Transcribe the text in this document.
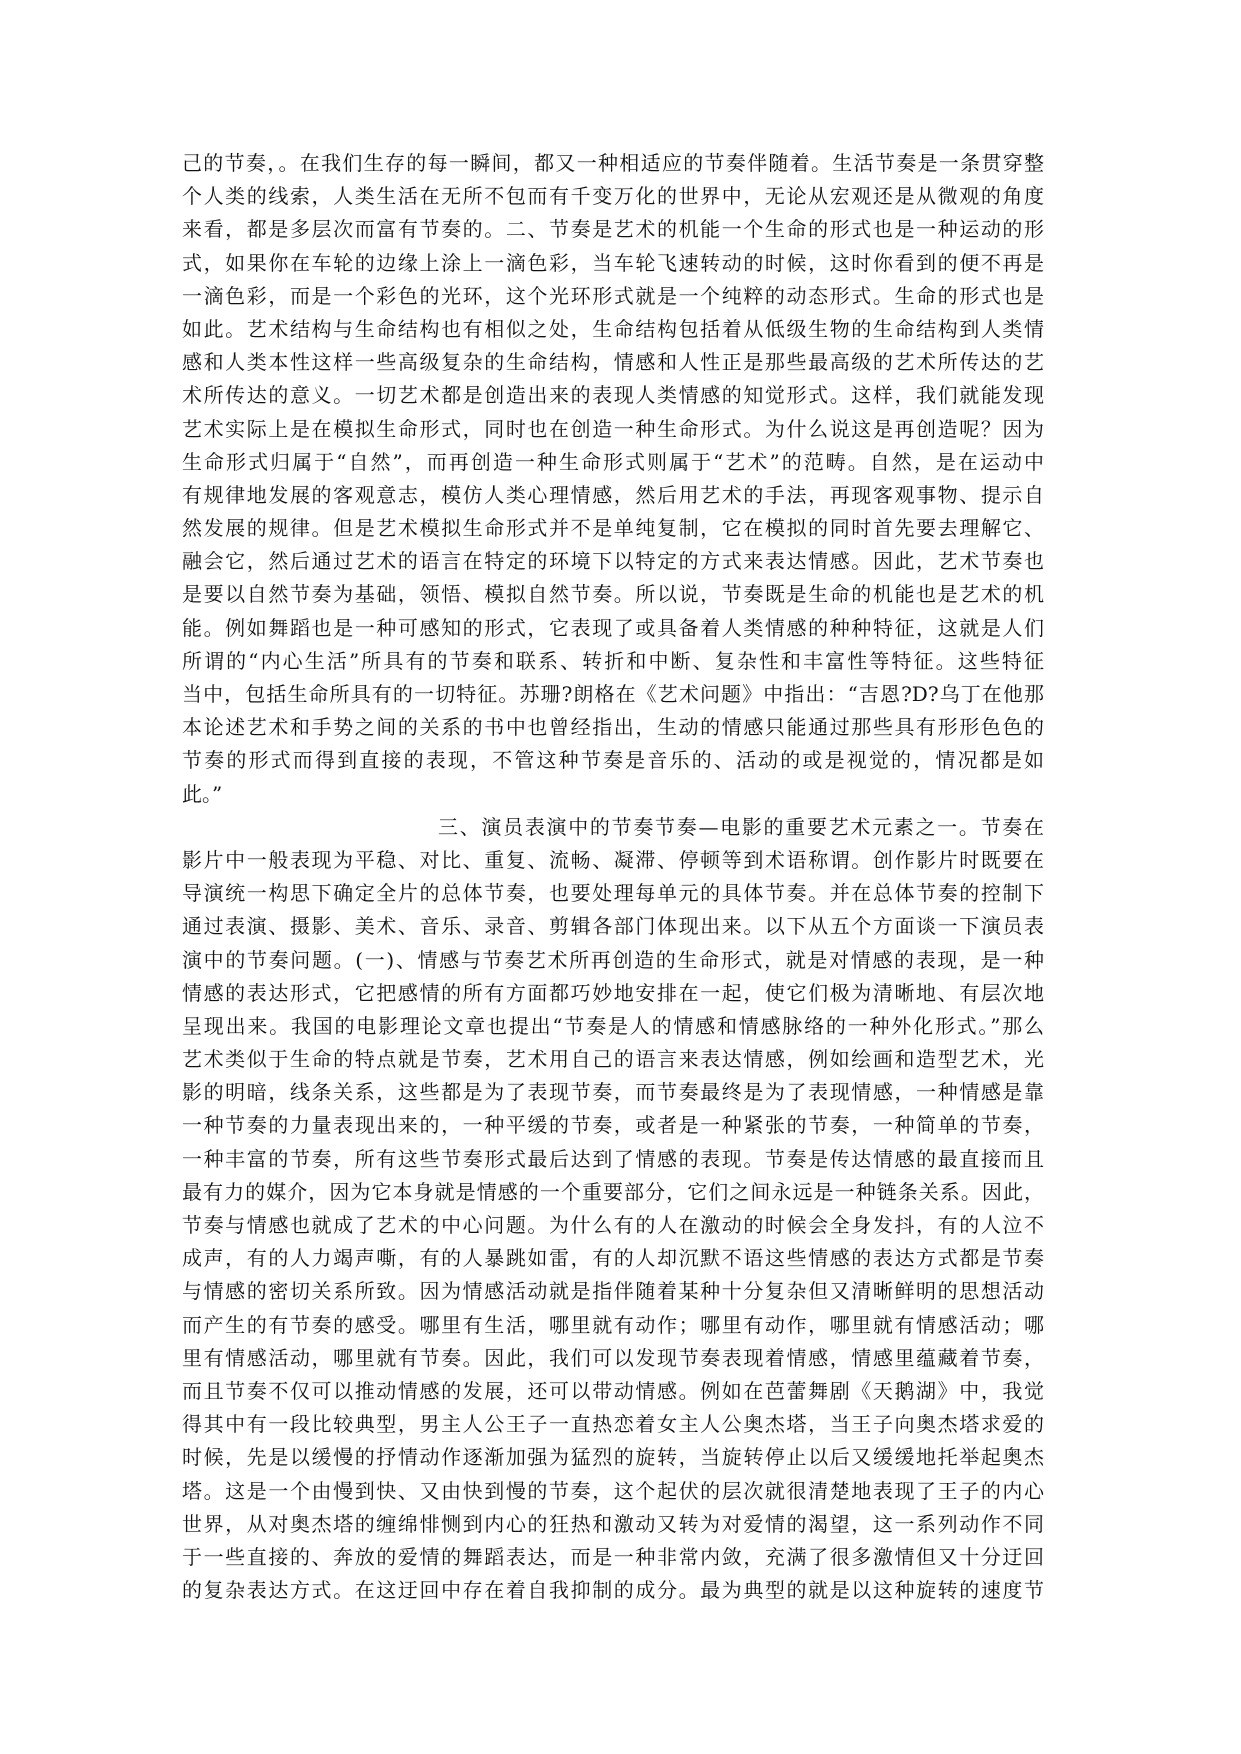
己的节奏，。在我们生存的每一瞬间，都又一种相适应的节奏伴随着。生活节奏是一条贯穿整
个人类的线索，人类生活在无所不包而有千变万化的世界中，无论从宏观还是从微观的角度
来看，都是多层次而富有节奏的。二、节奏是艺术的机能一个生命的形式也是一种运动的形
式，如果你在车轮的边缘上涂上一滴色彩，当车轮飞速转动的时候，这时你看到的便不再是
一滴色彩，而是一个彩色的光环，这个光环形式就是一个纯粹的动态形式。生命的形式也是
如此。艺术结构与生命结构也有相似之处，生命结构包括着从低级生物的生命结构到人类情
感和人类本性这样一些高级复杂的生命结构，情感和人性正是那些最高级的艺术所传达的艺
术所传达的意义。一切艺术都是创造出来的表现人类情感的知觉形式。这样，我们就能发现
艺术实际上是在模拟生命形式，同时也在创造一种生命形式。为什么说这是再创造呢？因为
生命形式归属于“自然”，而再创造一种生命形式则属于“艺术”的范畴。自然，是在运动中
有规律地发展的客观意志，模仿人类心理情感，然后用艺术的手法，再现客观事物、提示自
然发展的规律。但是艺术模拟生命形式并不是单纯复制，它在模拟的同时首先要去理解它、
融会它，然后通过艺术的语言在特定的环境下以特定的方式来表达情感。因此，艺术节奏也
是要以自然节奏为基础，领悟、模拟自然节奏。所以说，节奏既是生命的机能也是艺术的机
能。例如舞蹈也是一种可感知的形式，它表现了或具备着人类情感的种种特征，这就是人们
所谓的“内心生活”所具有的节奏和联系、转折和中断、复杂性和丰富性等特征。这些特征
当中，包括生命所具有的一切特征。苏珊?朗格在《艺术问题》中指出：“吉恩?D?乌丁在他那
本论述艺术和手势之间的关系的书中也曾经指出，生动的情感只能通过那些具有形形色色的
节奏的形式而得到直接的表现，不管这种节奏是音乐的、活动的或是视觉的，情况都是如
此。”
三、演员表演中的节奏节奏—电影的重要艺术元素之一。节奏在
影片中一般表现为平稳、对比、重复、流畅、凝滞、停顿等到术语称谓。创作影片时既要在
导演统一构思下确定全片的总体节奏，也要处理每单元的具体节奏。并在总体节奏的控制下
通过表演、摄影、美术、音乐、录音、剪辑各部门体现出来。以下从五个方面谈一下演员表
演中的节奏问题。(一)、情感与节奏艺术所再创造的生命形式，就是对情感的表现，是一种
情感的表达形式，它把感情的所有方面都巧妙地安排在一起，使它们极为清晰地、有层次地
呈现出来。我国的电影理论文章也提出“节奏是人的情感和情感脉络的一种外化形式。”那么
艺术类似于生命的特点就是节奏，艺术用自己的语言来表达情感，例如绘画和造型艺术，光
影的明暗，线条关系，这些都是为了表现节奏，而节奏最终是为了表现情感，一种情感是靠
一种节奏的力量表现出来的，一种平缓的节奏，或者是一种紧张的节奏，一种简单的节奏，
一种丰富的节奏，所有这些节奏形式最后达到了情感的表现。节奏是传达情感的最直接而且
最有力的媒介，因为它本身就是情感的一个重要部分，它们之间永远是一种链条关系。因此，
节奏与情感也就成了艺术的中心问题。为什么有的人在激动的时候会全身发抖，有的人泣不
成声，有的人力竭声嘶，有的人暴跳如雷，有的人却沉默不语这些情感的表达方式都是节奏
与情感的密切关系所致。因为情感活动就是指伴随着某种十分复杂但又清晰鲜明的思想活动
而产生的有节奏的感受。哪里有生活，哪里就有动作；哪里有动作，哪里就有情感活动；哪
里有情感活动，哪里就有节奏。因此，我们可以发现节奏表现着情感，情感里蕴藏着节奏，
而且节奏不仅可以推动情感的发展，还可以带动情感。例如在芭蕾舞剧《天鹅湖》中，我觉
得其中有一段比较典型，男主人公王子一直热恋着女主人公奥杰塔，当王子向奥杰塔求爱的
时候，先是以缓慢的抒情动作逐渐加强为猛烈的旋转，当旋转停止以后又缓缓地托举起奥杰
塔。这是一个由慢到快、又由快到慢的节奏，这个起伏的层次就很清楚地表现了王子的内心
世界，从对奥杰塔的缠绵悱恻到内心的狂热和激动又转为对爱情的渴望，这一系列动作不同
于一些直接的、奔放的爱情的舞蹈表达，而是一种非常内敛，充满了很多激情但又十分迂回
的复杂表达方式。在这迂回中存在着自我抑制的成分。最为典型的就是以这种旋转的速度节
